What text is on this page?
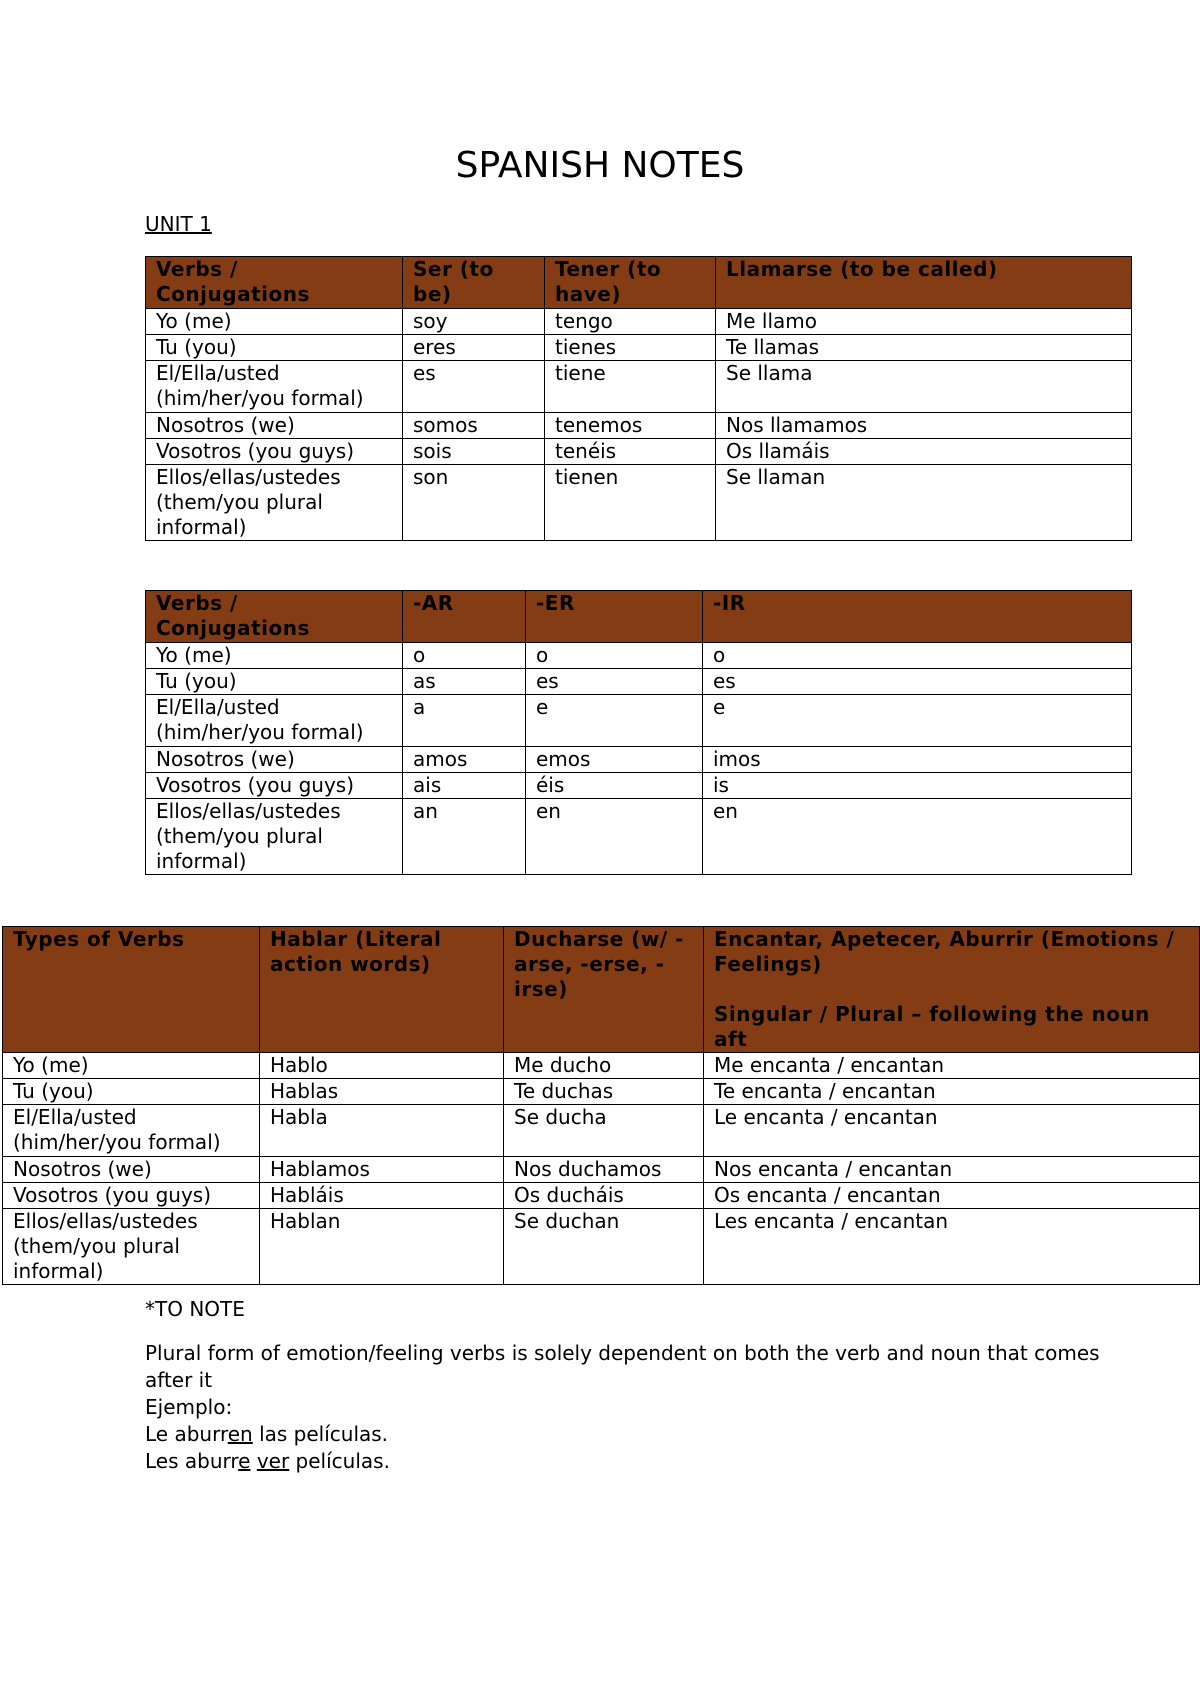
SPANISH NOTES

UNIT 1

Verbs / Conjugations	Ser (to be)	Tener (to have)	Llamarse (to be called)
Yo (me)	soy	tengo	Me llamo
Tu (you)	eres	tienes	Te llamas
El/Ella/usted (him/her/you formal)	es	tiene	Se llama
Nosotros (we)	somos	tenemos	Nos llamamos
Vosotros (you guys)	sois	tenéis	Os llamáis
Ellos/ellas/ustedes (them/you plural informal)	son	tienen	Se llaman
Verbs / Conjugations	-AR	-ER	-IR
Yo (me)	o	o	o
Tu (you)	as	es	es
El/Ella/usted (him/her/you formal)	a	e	e
Nosotros (we)	amos	emos	imos
Vosotros (you guys)	ais	éis	is
Ellos/ellas/ustedes (them/you plural informal)	an	en	en
Types of Verbs	Hablar (Literal action words)	Ducharse (w/ -arse, -erse, -irse)	Encantar, Apetecer, Aburrir (Emotions / Feelings)
Singular / Plural – following the noun aft

Yo (me)	Hablo	Me ducho	Me encanta / encantan
Tu (you)	Hablas	Te duchas	Te encanta / encantan
El/Ella/usted (him/her/you formal)	Habla	Se ducha	Le encanta / encantan
Nosotros (we)	Hablamos	Nos duchamos	Nos encanta / encantan
Vosotros (you guys)	Habláis	Os ducháis	Os encanta / encantan
Ellos/ellas/ustedes (them/you plural informal)	Hablan	Se duchan	Les encanta / encantan

*TO NOTE

Plural form of emotion/feeling verbs is solely dependent on both the verb and noun that comes after it

Ejemplo:

Le aburren las películas.

Les aburre ver películas.
